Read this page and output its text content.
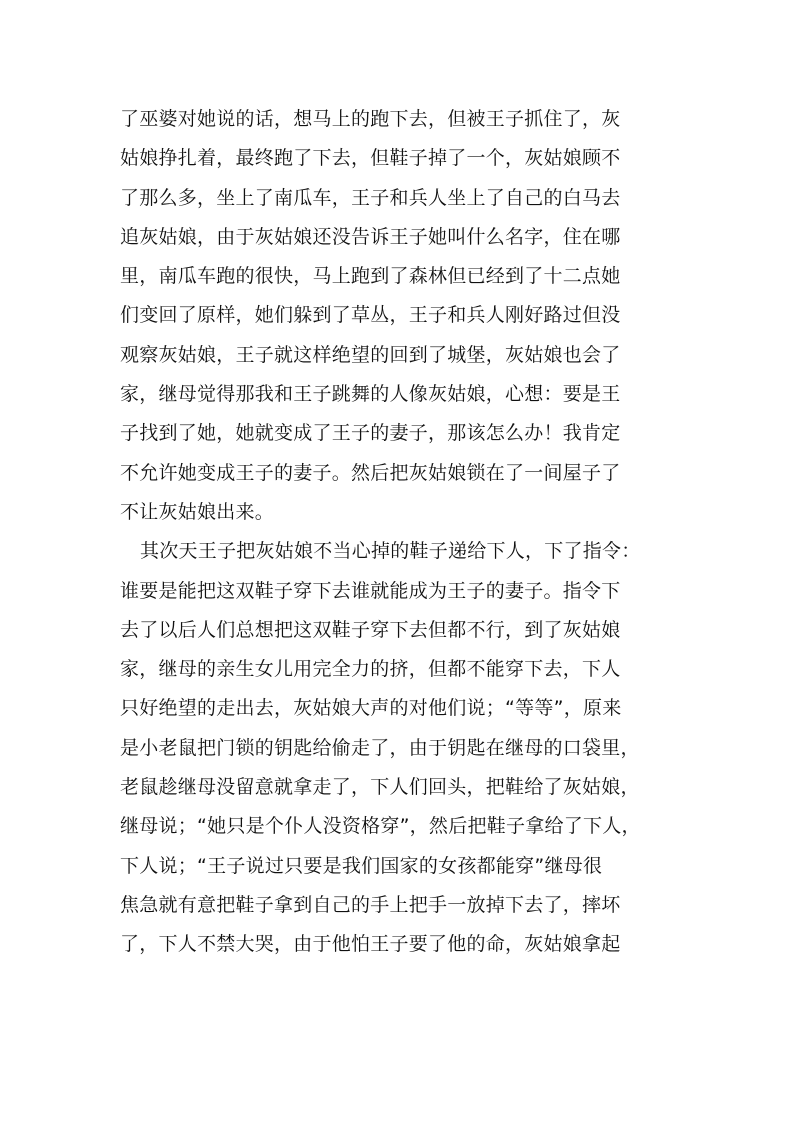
了巫婆对她说的话，想马上的跑下去，但被王子抓住了，灰
姑娘挣扎着，最终跑了下去，但鞋子掉了一个，灰姑娘顾不
了那么多，坐上了南瓜车，王子和兵人坐上了自己的白马去
追灰姑娘，由于灰姑娘还没告诉王子她叫什么名字，住在哪
里，南瓜车跑的很快，马上跑到了森林但已经到了十二点她
们变回了原样，她们躲到了草丛，王子和兵人刚好路过但没
观察灰姑娘，王子就这样绝望的回到了城堡，灰姑娘也会了
家，继母觉得那我和王子跳舞的人像灰姑娘，心想：要是王
子找到了她，她就变成了王子的妻子，那该怎么办！我肯定
不允许她变成王子的妻子。然后把灰姑娘锁在了一间屋子了
不让灰姑娘出来。
其次天王子把灰姑娘不当心掉的鞋子递给下人，下了指令：
谁要是能把这双鞋子穿下去谁就能成为王子的妻子。指令下
去了以后人们总想把这双鞋子穿下去但都不行，到了灰姑娘
家，继母的亲生女儿用完全力的挤，但都不能穿下去，下人
只好绝望的走出去，灰姑娘大声的对他们说；“等等”，原来
是小老鼠把门锁的钥匙给偷走了，由于钥匙在继母的口袋里，
老鼠趁继母没留意就拿走了，下人们回头，把鞋给了灰姑娘，
继母说；“她只是个仆人没资格穿”，然后把鞋子拿给了下人，
下人说；“王子说过只要是我们国家的女孩都能穿”继母很
焦急就有意把鞋子拿到自己的手上把手一放掉下去了，摔坏
了，下人不禁大哭，由于他怕王子要了他的命，灰姑娘拿起
